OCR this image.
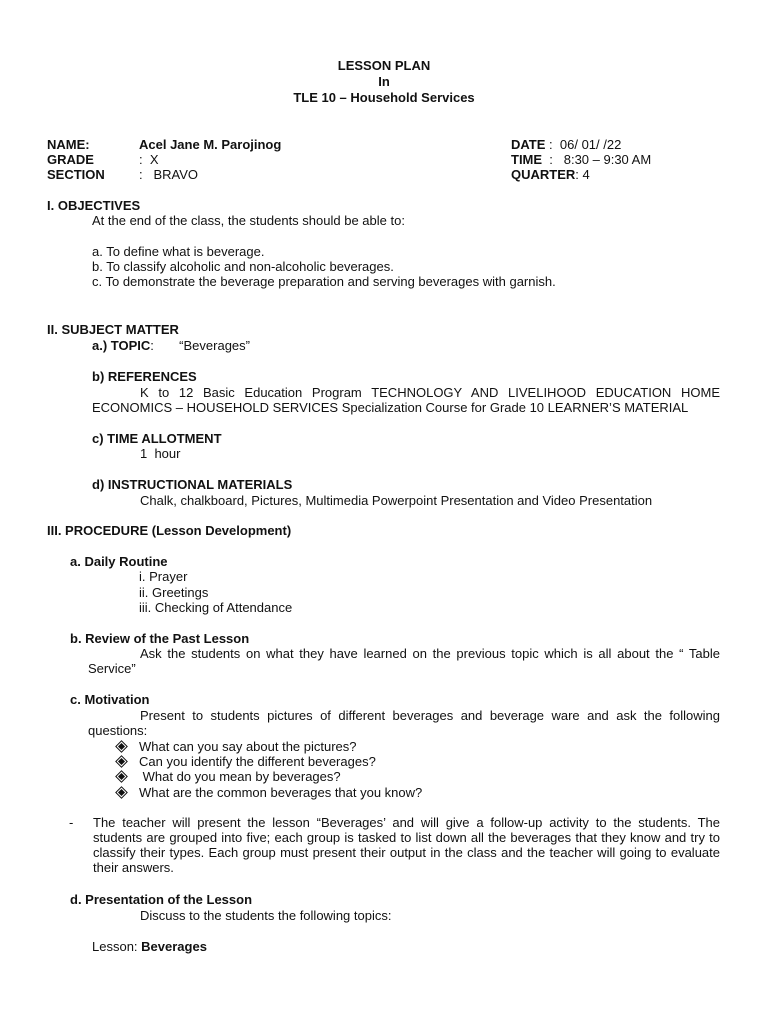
LESSON PLAN
In
TLE 10 – Household Services
NAME:	Acel Jane M. Parojinog
GRADE	:  X
SECTION	:   BRAVO
DATE :  06/ 01/ /22
TIME  :   8:30 – 9:30 AM
QUARTER: 4
I. OBJECTIVES
At the end of the class, the students should be able to:
a. To define what is beverage.
b. To classify alcoholic and non-alcoholic beverages.
c. To demonstrate the beverage preparation and serving beverages with garnish.
II. SUBJECT MATTER
a.) TOPIC:       “Beverages”
b) REFERENCES
K to 12 Basic Education Program TECHNOLOGY AND LIVELIHOOD EDUCATION HOME ECONOMICS – HOUSEHOLD SERVICES Specialization Course for Grade 10 LEARNER’S MATERIAL
c) TIME ALLOTMENT
1  hour
d) INSTRUCTIONAL MATERIALS
Chalk, chalkboard, Pictures, Multimedia Powerpoint Presentation and Video Presentation
III. PROCEDURE (Lesson Development)
a. Daily Routine
i. Prayer
ii. Greetings
iii. Checking of Attendance
b. Review of the Past Lesson
Ask the students on what they have learned on the previous topic which is all about the “ Table Service”
c. Motivation
Present to students pictures of different beverages and beverage ware and ask the following questions:
What can you say about the pictures?
Can you identify the different beverages?
What do you mean by beverages?
What are the common beverages that you know?
- The teacher will present the lesson “Beverages’ and will give a follow-up activity to the students. The students are grouped into five; each group is tasked to list down all the beverages that they know and try to classify their types. Each group must present their output in the class and the teacher will going to evaluate their answers.
d. Presentation of the Lesson
Discuss to the students the following topics:
Lesson: Beverages
